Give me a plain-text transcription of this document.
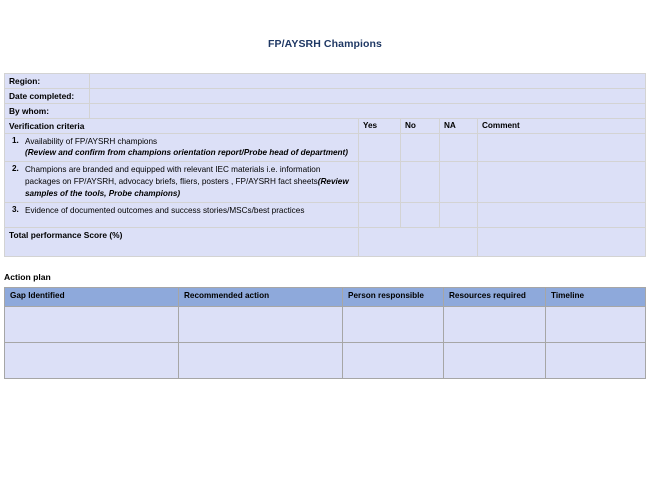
FP/AYSRH Champions
Region:					
Date completed:					
By whom:					
Verification criteria		Yes	No	NA	Comment

1. Availability of FP/AYSRH champions
(Review and confirm from champions orientation report/Probe head of department)					

2. Champions are branded and equipped with relevant IEC materials i.e. information packages on FP/AYSRH, advocacy briefs, fliers, posters , FP/AYSRH fact sheets(Review samples of the tools, Probe champions)					

3. Evidence of documented outcomes and success stories/MSCs/best practices					

Total performance Score (%)					
Action plan
Gap Identified	Recommended action	Person responsible	Resources required	Timeline
